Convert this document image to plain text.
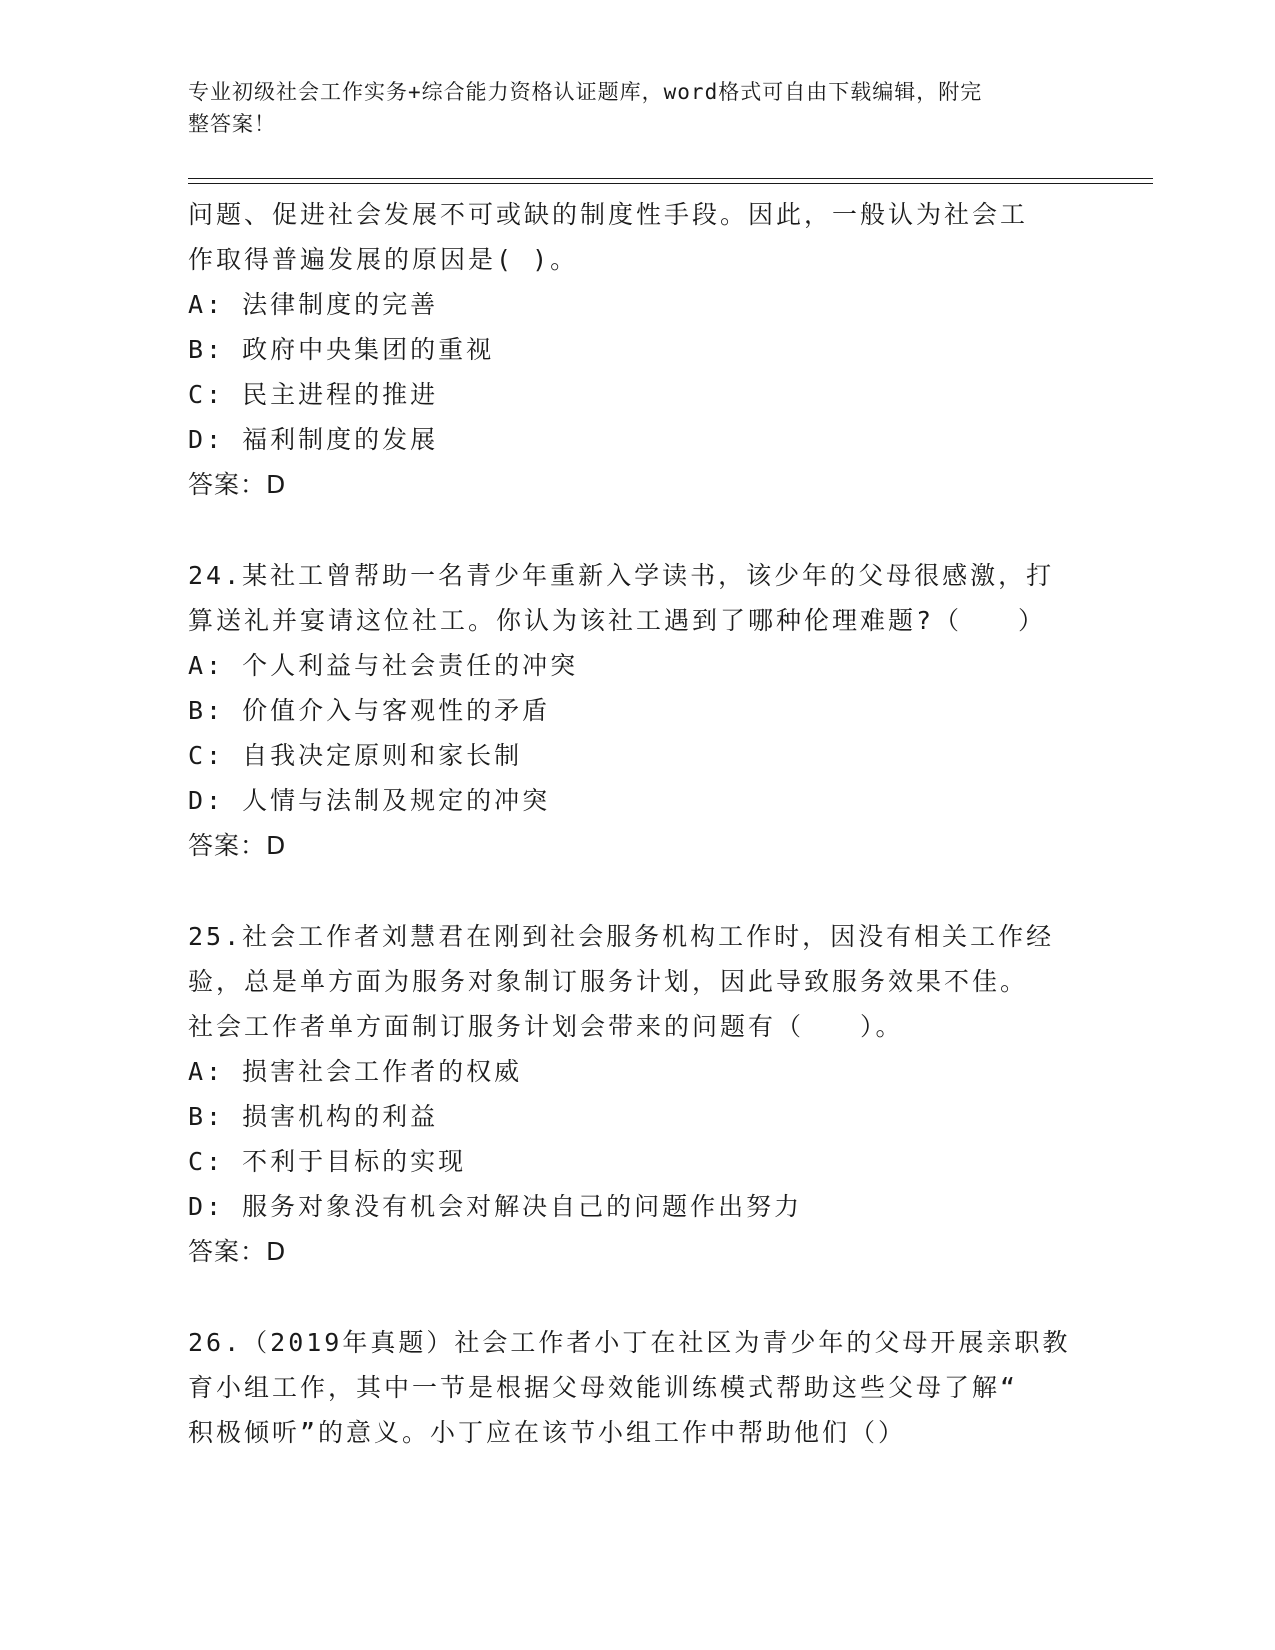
专业初级社会工作实务+综合能力资格认证题库，word格式可自由下载编辑，附完
整答案！
问题、促进社会发展不可或缺的制度性手段。因此，一般认为社会工
作取得普遍发展的原因是( )。
A: 法律制度的完善
B: 政府中央集团的重视
C: 民主进程的推进
D: 福利制度的发展
答案：D
24.某社工曾帮助一名青少年重新入学读书，该少年的父母很感激，打
算送礼并宴请这位社工。你认为该社工遇到了哪种伦理难题?（　　）
A: 个人利益与社会责任的冲突
B: 价值介入与客观性的矛盾
C: 自我决定原则和家长制
D: 人情与法制及规定的冲突
答案：D
25.社会工作者刘慧君在刚到社会服务机构工作时，因没有相关工作经
验，总是单方面为服务对象制订服务计划，因此导致服务效果不佳。
社会工作者单方面制订服务计划会带来的问题有（　　）。
A: 损害社会工作者的权威
B: 损害机构的利益
C: 不利于目标的实现
D: 服务对象没有机会对解决自己的问题作出努力
答案：D
26.（2019年真题）社会工作者小丁在社区为青少年的父母开展亲职教
育小组工作，其中一节是根据父母效能训练模式帮助这些父母了解“
积极倾听”的意义。小丁应在该节小组工作中帮助他们（）
